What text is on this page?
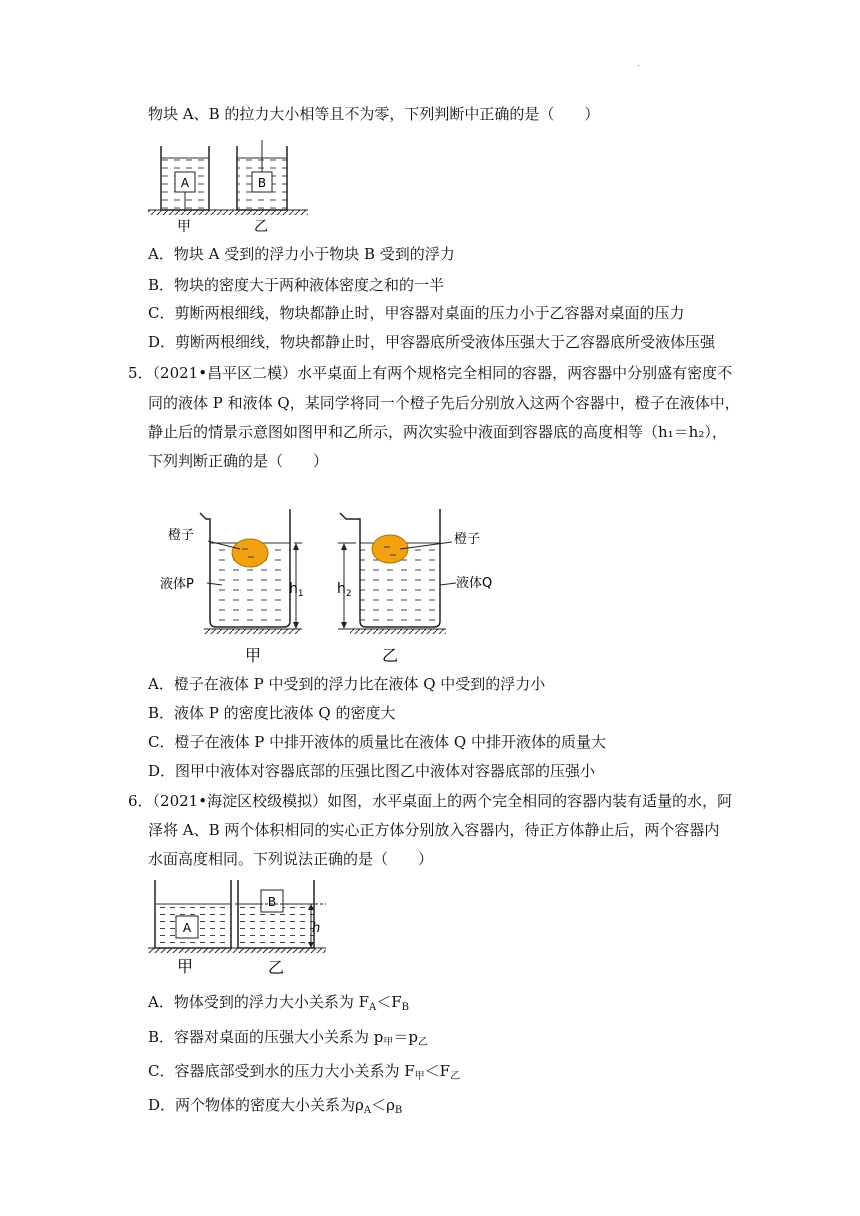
.
物块 A、B 的拉力大小相等且不为零，下列判断中正确的是（　　）
A	B
甲	乙
A．物块 A 受到的浮力小于物块 B 受到的浮力
B．物块的密度大于两种液体密度之和的一半
C．剪断两根细线，物块都静止时，甲容器对桌面的压力小于乙容器对桌面的压力
D．剪断两根细线，物块都静止时，甲容器底所受液体压强大于乙容器底所受液体压强
5．（2021•昌平区二模）水平桌面上有两个规格完全相同的容器，两容器中分别盛有密度不
同的液体 P 和液体 Q，某同学将同一个橙子先后分别放入这两个容器中，橙子在液体中，
静止后的情景示意图如图甲和乙所示，两次实验中液面到容器底的高度相等（h₁＝h₂），
下列判断正确的是（　　）
橙子
液体P	$h_1$
甲
橙子
液体Q
$h_2$
乙
A．橙子在液体 P 中受到的浮力比在液体 Q 中受到的浮力小
B．液体 P 的密度比液体 Q 的密度大
C．橙子在液体 P 中排开液体的质量比在液体 Q 中排开液体的质量大
D．图甲中液体对容器底部的压强比图乙中液体对容器底部的压强小
6．（2021•海淀区校级模拟）如图，水平桌面上的两个完全相同的容器内装有适量的水，阿
泽将 A、B 两个体积相同的实心正方体分别放入容器内，待正方体静止后，两个容器内
水面高度相同。下列说法正确的是（　　）
A
B
h
甲	乙
A．物体受到的浮力大小关系为 $F_A<F_B$
B．容器对桌面的压强大小关系为 $p_甲=p_乙$
C．容器底部受到水的压力大小关系为 $F_甲<F_乙$
D．两个物体的密度大小关系为$\rho_A<\rho_B$
